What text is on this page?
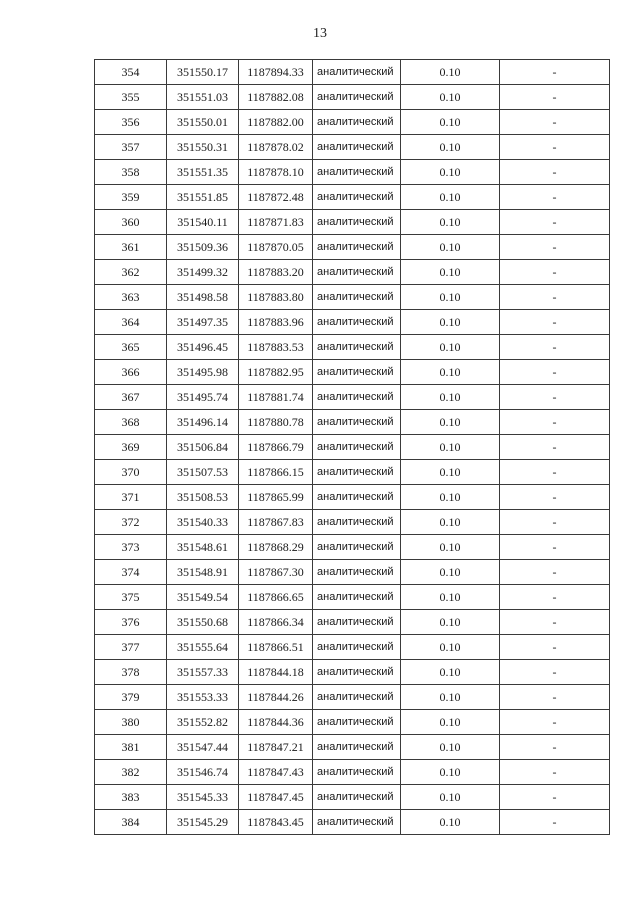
13
354	351550.17	1187894.33	аналитический	0.10	-
355	351551.03	1187882.08	аналитический	0.10	-
356	351550.01	1187882.00	аналитический	0.10	-
357	351550.31	1187878.02	аналитический	0.10	-
358	351551.35	1187878.10	аналитический	0.10	-
359	351551.85	1187872.48	аналитический	0.10	-
360	351540.11	1187871.83	аналитический	0.10	-
361	351509.36	1187870.05	аналитический	0.10	-
362	351499.32	1187883.20	аналитический	0.10	-
363	351498.58	1187883.80	аналитический	0.10	-
364	351497.35	1187883.96	аналитический	0.10	-
365	351496.45	1187883.53	аналитический	0.10	-
366	351495.98	1187882.95	аналитический	0.10	-
367	351495.74	1187881.74	аналитический	0.10	-
368	351496.14	1187880.78	аналитический	0.10	-
369	351506.84	1187866.79	аналитический	0.10	-
370	351507.53	1187866.15	аналитический	0.10	-
371	351508.53	1187865.99	аналитический	0.10	-
372	351540.33	1187867.83	аналитический	0.10	-
373	351548.61	1187868.29	аналитический	0.10	-
374	351548.91	1187867.30	аналитический	0.10	-
375	351549.54	1187866.65	аналитический	0.10	-
376	351550.68	1187866.34	аналитический	0.10	-
377	351555.64	1187866.51	аналитический	0.10	-
378	351557.33	1187844.18	аналитический	0.10	-
379	351553.33	1187844.26	аналитический	0.10	-
380	351552.82	1187844.36	аналитический	0.10	-
381	351547.44	1187847.21	аналитический	0.10	-
382	351546.74	1187847.43	аналитический	0.10	-
383	351545.33	1187847.45	аналитический	0.10	-
384	351545.29	1187843.45	аналитический	0.10	-
